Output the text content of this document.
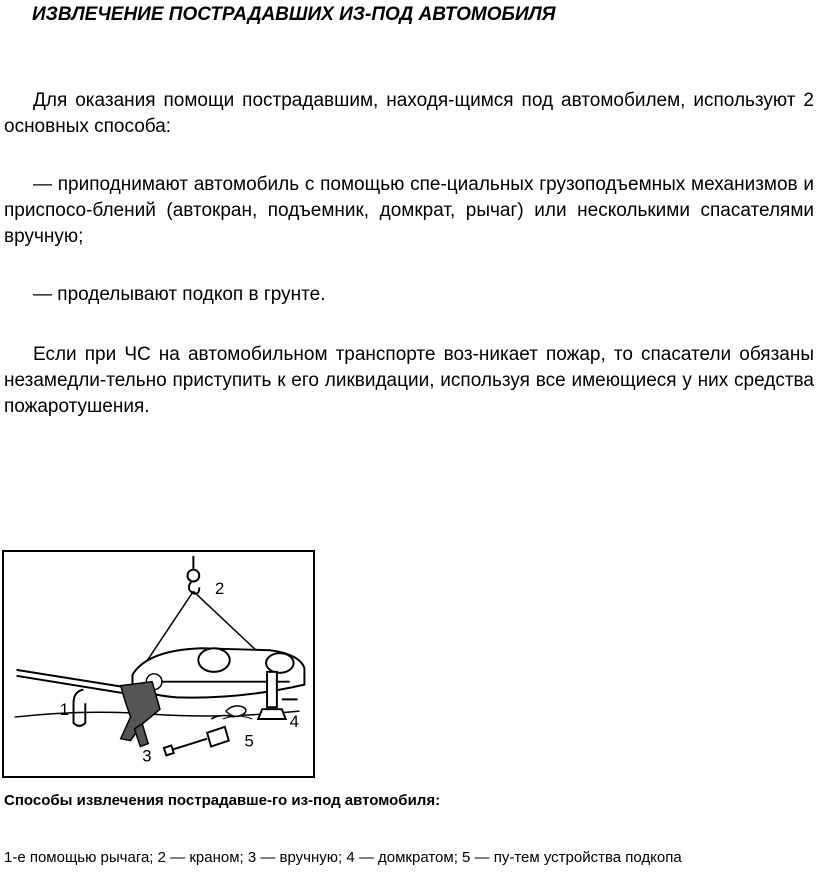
ИЗВЛЕЧЕНИЕ ПОСТРАДАВШИХ ИЗ-ПОД АВТОМОБИЛЯ

Для оказания помощи пострадавшим, находя-щимся под автомобилем, используют 2 основных способа:

— приподнимают автомобиль с помощью спе-циальных грузоподъемных механизмов и приспосо-блений (автокран, подъемник, домкрат, рычаг) или несколькими спасателями вручную;

— проделывают подкоп в грунте.

Если при ЧС на автомобильном транспорте воз-никает пожар, то спасатели обязаны незамедли-тельно приступить к его ликвидации, используя все имеющиеся у них средства пожаротушения.

1
2
3
4
5
Способы извлечения пострадавше-го из-под автомобиля:
1-е помощью рычага; 2 — краном; 3 — вручную; 4 — домкратом; 5 — пу-тем устройства подкопа
